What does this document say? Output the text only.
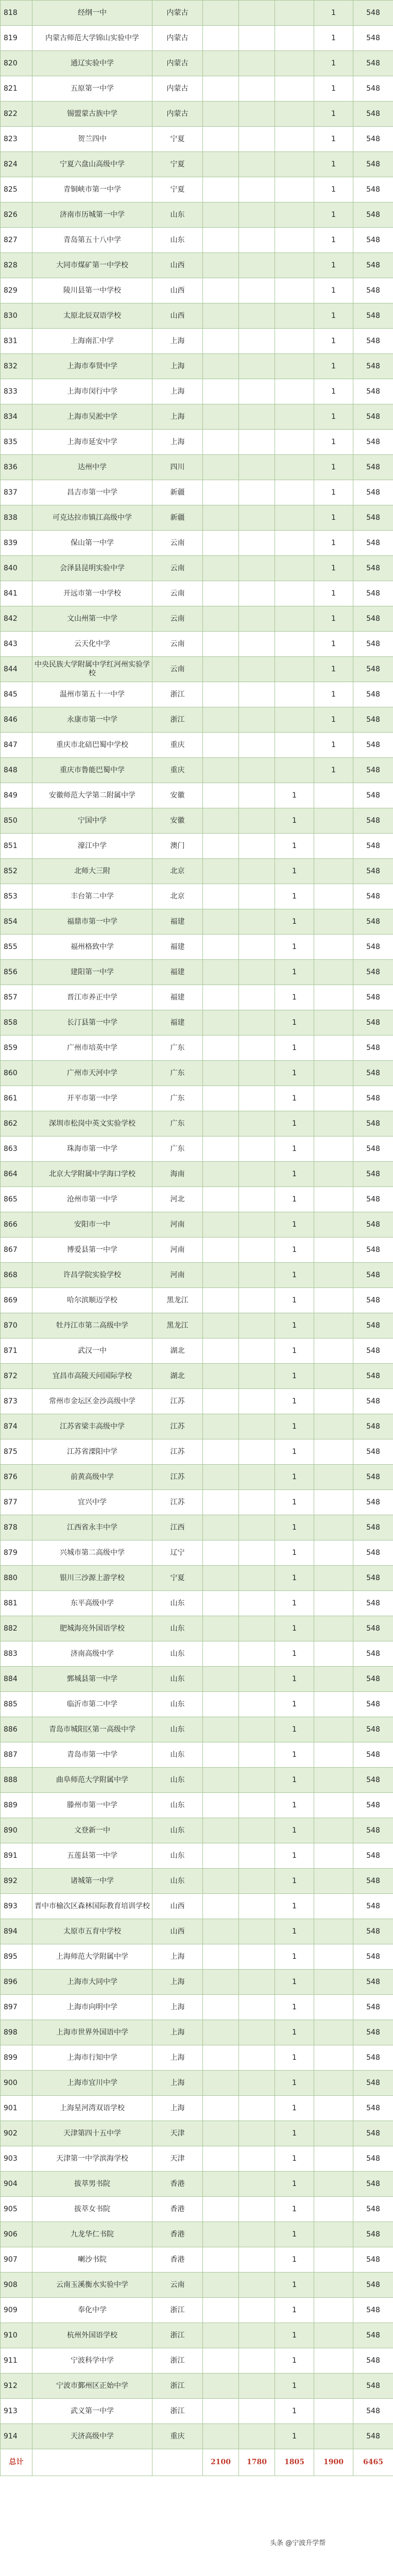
818	经纲一中	内蒙古				1	548
819	内蒙古师范大学锦山实验中学	内蒙古				1	548
820	通辽实验中学	内蒙古				1	548
821	五原第一中学	内蒙古				1	548
822	锡盟蒙古族中学	内蒙古				1	548
823	贺兰四中	宁夏				1	548
824	宁夏六盘山高级中学	宁夏				1	548
825	青铜峡市第一中学	宁夏				1	548
826	济南市历城第一中学	山东				1	548
827	青岛第五十八中学	山东				1	548
828	大同市煤矿第一中学校	山西				1	548
829	陵川县第一中学校	山西				1	548
830	太原北辰双语学校	山西				1	548
831	上海南汇中学	上海				1	548
832	上海市奉贤中学	上海				1	548
833	上海市闵行中学	上海				1	548
834	上海市吴淞中学	上海				1	548
835	上海市延安中学	上海				1	548
836	达州中学	四川				1	548
837	昌吉市第一中学	新疆				1	548
838	可克达拉市镇江高级中学	新疆				1	548
839	保山第一中学	云南				1	548
840	会泽县昆明实验中学	云南				1	548
841	开远市第一中学校	云南				1	548
842	文山州第一中学	云南				1	548
843	云天化中学	云南				1	548
844	中央民族大学附属中学红河州实验学校	云南				1	548
845	温州市第五十一中学	浙江				1	548
846	永康市第一中学	浙江				1	548
847	重庆市北碚巴蜀中学校	重庆				1	548
848	重庆市鲁能巴蜀中学	重庆				1	548
849	安徽师范大学第二附属中学	安徽			1		548
850	宁国中学	安徽			1		548
851	濠江中学	澳门			1		548
852	北师大三附	北京			1		548
853	丰台第二中学	北京			1		548
854	福鼎市第一中学	福建			1		548
855	福州格致中学	福建			1		548
856	建阳第一中学	福建			1		548
857	晋江市养正中学	福建			1		548
858	长汀县第一中学	福建			1		548
859	广州市培英中学	广东			1		548
860	广州市天河中学	广东			1		548
861	开平市第一中学	广东			1		548
862	深圳市松岗中英文实验学校	广东			1		548
863	珠海市第一中学	广东			1		548
864	北京大学附属中学海口学校	海南			1		548
865	沧州市第一中学	河北			1		548
866	安阳市一中	河南			1		548
867	博爱县第一中学	河南			1		548
868	许昌学院实验学校	河南			1		548
869	哈尔滨顺迈学校	黑龙江			1		548
870	牡丹江市第二高级中学	黑龙江			1		548
871	武汉一中	湖北			1		548
872	宜昌市高陵天问国际学校	湖北			1		548
873	常州市金坛区金沙高级中学	江苏			1		548
874	江苏省梁丰高级中学	江苏			1		548
875	江苏省溧阳中学	江苏			1		548
876	前黄高级中学	江苏			1		548
877	宜兴中学	江苏			1		548
878	江西省永丰中学	江西			1		548
879	兴城市第二高级中学	辽宁			1		548
880	银川三沙源上游学校	宁夏			1		548
881	东平高级中学	山东			1		548
882	肥城海亮外国语学校	山东			1		548
883	济南高级中学	山东			1		548
884	鄄城县第一中学	山东			1		548
885	临沂市第二中学	山东			1		548
886	青岛市城阳区第一高级中学	山东			1		548
887	青岛市第一中学	山东			1		548
888	曲阜师范大学附属中学	山东			1		548
889	滕州市第一中学	山东			1		548
890	文登新一中	山东			1		548
891	五莲县第一中学	山东			1		548
892	诸城第一中学	山东			1		548
893	晋中市榆次区森林国际教育培训学校	山西			1		548
894	太原市五育中学校	山西			1		548
895	上海师范大学附属中学	上海			1		548
896	上海市大同中学	上海			1		548
897	上海市向明中学	上海			1		548
898	上海市世界外国语中学	上海			1		548
899	上海市行知中学	上海			1		548
900	上海市宜川中学	上海			1		548
901	上海星河湾双语学校	上海			1		548
902	天津第四十五中学	天津			1		548
903	天津第一中学滨海学校	天津			1		548
904	拔萃男书院	香港			1		548
905	拔萃女书院	香港			1		548
906	九龙华仁书院	香港			1		548
907	喇沙书院	香港			1		548
908	云南玉溪衡水实验中学	云南			1		548
909	奉化中学	浙江			1		548
910	杭州外国语学校	浙江			1		548
911	宁波科学中学	浙江			1		548
912	宁波市鄞州区正始中学	浙江			1		548
913	武义第一中学	浙江			1		548
914	天济高级中学	重庆			1		548
总计			2100	1780	1805	1900	6465
头条 @宁波升学帮
